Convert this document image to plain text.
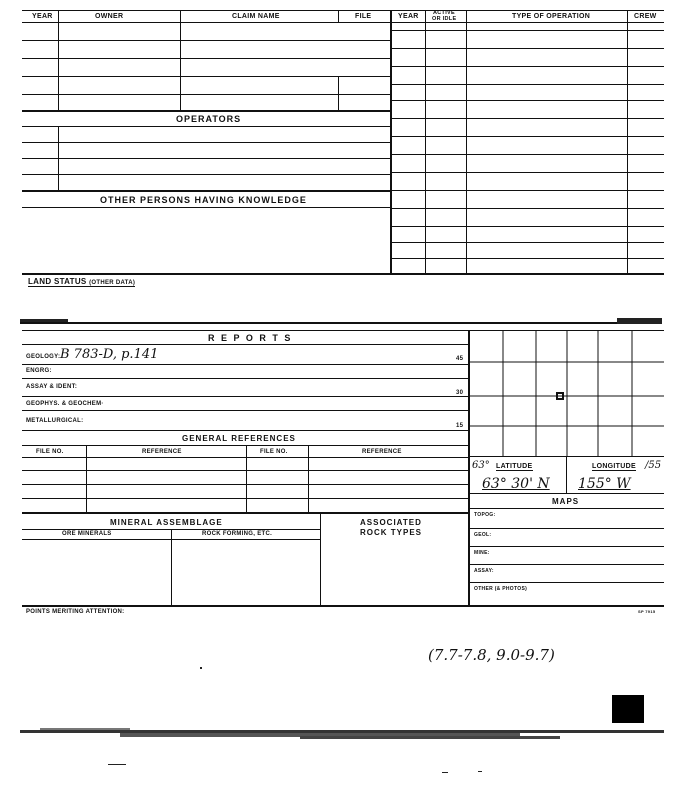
YEAR	OWNER	CLAIM NAME	FILE	YEAR	ACTIVE
OR IDLE	TYPE OF OPERATION	CREW
OPERATORS
OTHER PERSONS HAVING KNOWLEDGE
LAND STATUS (OTHER DATA)
R E P O R T S
GEOLOGY: B 783-D, p.141
ENGRG:
ASSAY & IDENT:
GEOPHYS. & GEOCHEM·
METALLURGICAL:
45
30
15
GENERAL REFERENCES
FILE NO.	REFERENCE	FILE NO.	REFERENCE
MINERAL ASSEMBLAGE	ASSOCIATED
ROCK TYPES
ORE MINERALS	ROCK FORMING, ETC.
POINTS MERITING ATTENTION:	SP 7915
63° LATITUDE	LONGITUDE /55
63° 30' N 155° W
MAPS
TOPOG:
GEOL:
MINE:
ASSAY:
OTHER (& PHOTOS)
(7.7-7.8, 9.0-9.7)
